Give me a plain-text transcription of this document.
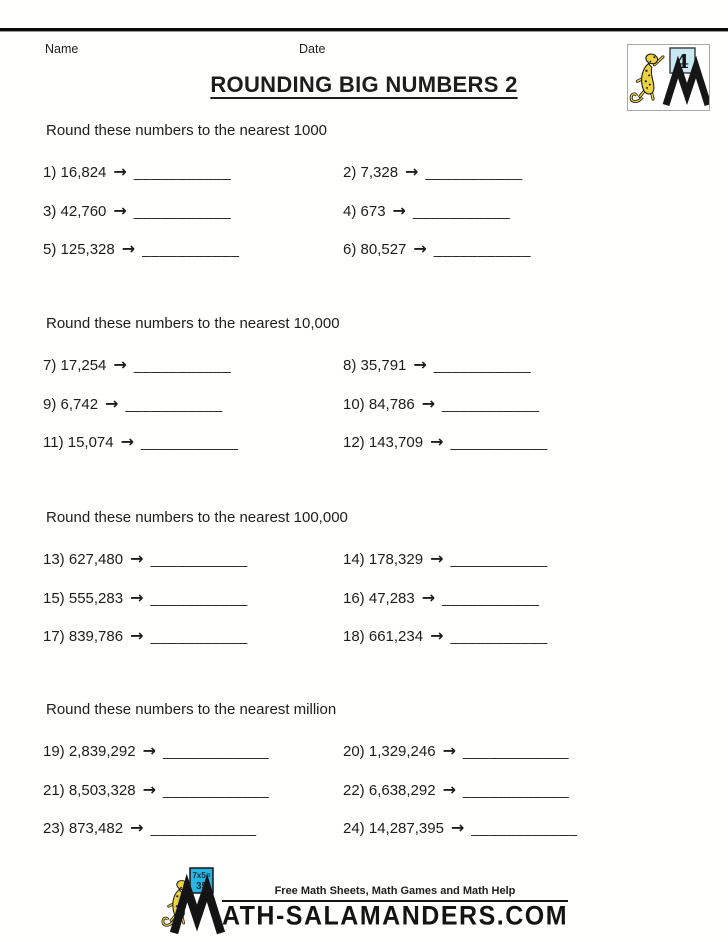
Name	Date
4
ROUNDING BIG NUMBERS 2
Round these numbers to the nearest 1000
1) 16,824 → ___________	2) 7,328 → ___________
3) 42,760 → ___________	4) 673 → ___________
5) 125,328 → ___________	6) 80,527 → ___________
Round these numbers to the nearest 10,000
7) 17,254 → ___________	8) 35,791 → ___________
9) 6,742 → ___________	10) 84,786 → ___________
11) 15,074 → ___________	12) 143,709 → ___________
Round these numbers to the nearest 100,000
13) 627,480 → ___________	14) 178,329 → ___________
15) 555,283 → ___________	16) 47,283 → ___________
17) 839,786 → ___________	18) 661,234 → ___________
Round these numbers to the nearest million
19) 2,839,292 → ____________	20) 1,329,246 → ____________
21) 8,503,328 → ____________	22) 6,638,292 → ____________
23) 873,482 → ____________	24) 14,287,395 → ____________
7x5=
35	Free Math Sheets, Math Games and Math Help
ATH-SALAMANDERS.COM
